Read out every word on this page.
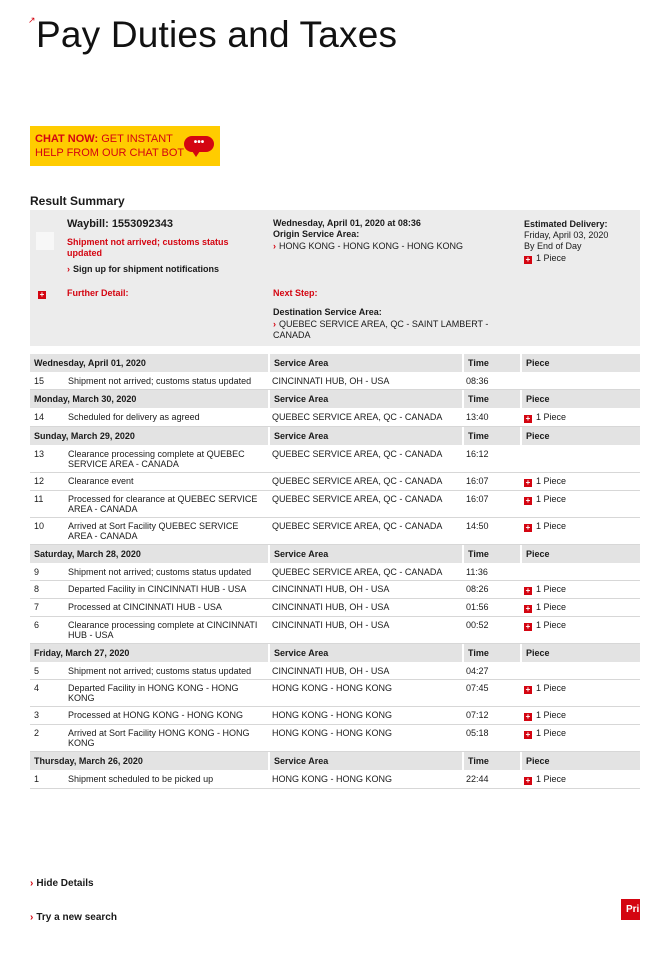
↗ Pay Duties and Taxes
CHAT NOW: GET INSTANT
HELP FROM OUR CHAT BOT
•••
Result Summary
Waybill: 1553092343
Shipment not arrived; customs status updated
› Sign up for shipment notifications
+	Further Detail:
Wednesday, April 01, 2020 at 08:36
Origin Service Area:
› HONG KONG - HONG KONG - HONG KONG
Next Step:
Destination Service Area:
› QUEBEC SERVICE AREA, QC - SAINT LAMBERT - CANADA
Estimated Delivery:
Friday, April 03, 2020
By End of Day
+ 1 Piece
Wednesday, April 01, 2020		Service Area	Time	Piece
15	Shipment not arrived; customs status updated	CINCINNATI HUB, OH - USA	08:36	
Monday, March 30, 2020		Service Area	Time	Piece
14	Scheduled for delivery as agreed	QUEBEC SERVICE AREA, QC - CANADA	13:40	+ 1 Piece
Sunday, March 29, 2020		Service Area	Time	Piece
13	Clearance processing complete at QUEBEC SERVICE AREA - CANADA	QUEBEC SERVICE AREA, QC - CANADA	16:12	
12	Clearance event	QUEBEC SERVICE AREA, QC - CANADA	16:07	+ 1 Piece
11	Processed for clearance at QUEBEC SERVICE AREA - CANADA	QUEBEC SERVICE AREA, QC - CANADA	16:07	+ 1 Piece
10	Arrived at Sort Facility QUEBEC SERVICE AREA - CANADA	QUEBEC SERVICE AREA, QC - CANADA	14:50	+ 1 Piece
Saturday, March 28, 2020		Service Area	Time	Piece
9	Shipment not arrived; customs status updated	QUEBEC SERVICE AREA, QC - CANADA	11:36	
8	Departed Facility in CINCINNATI HUB - USA	CINCINNATI HUB, OH - USA	08:26	+ 1 Piece
7	Processed at CINCINNATI HUB - USA	CINCINNATI HUB, OH - USA	01:56	+ 1 Piece
6	Clearance processing complete at CINCINNATI HUB - USA	CINCINNATI HUB, OH - USA	00:52	+ 1 Piece
Friday, March 27, 2020		Service Area	Time	Piece
5	Shipment not arrived; customs status updated	CINCINNATI HUB, OH - USA	04:27	
4	Departed Facility in HONG KONG - HONG KONG	HONG KONG - HONG KONG	07:45	+ 1 Piece
3	Processed at HONG KONG - HONG KONG	HONG KONG - HONG KONG	07:12	+ 1 Piece
2	Arrived at Sort Facility HONG KONG - HONG KONG	HONG KONG - HONG KONG	05:18	+ 1 Piece
Thursday, March 26, 2020		Service Area	Time	Piece
1	Shipment scheduled to be picked up	HONG KONG - HONG KONG	22:44	+ 1 Piece
› Hide Details
› Try a new search
Print
